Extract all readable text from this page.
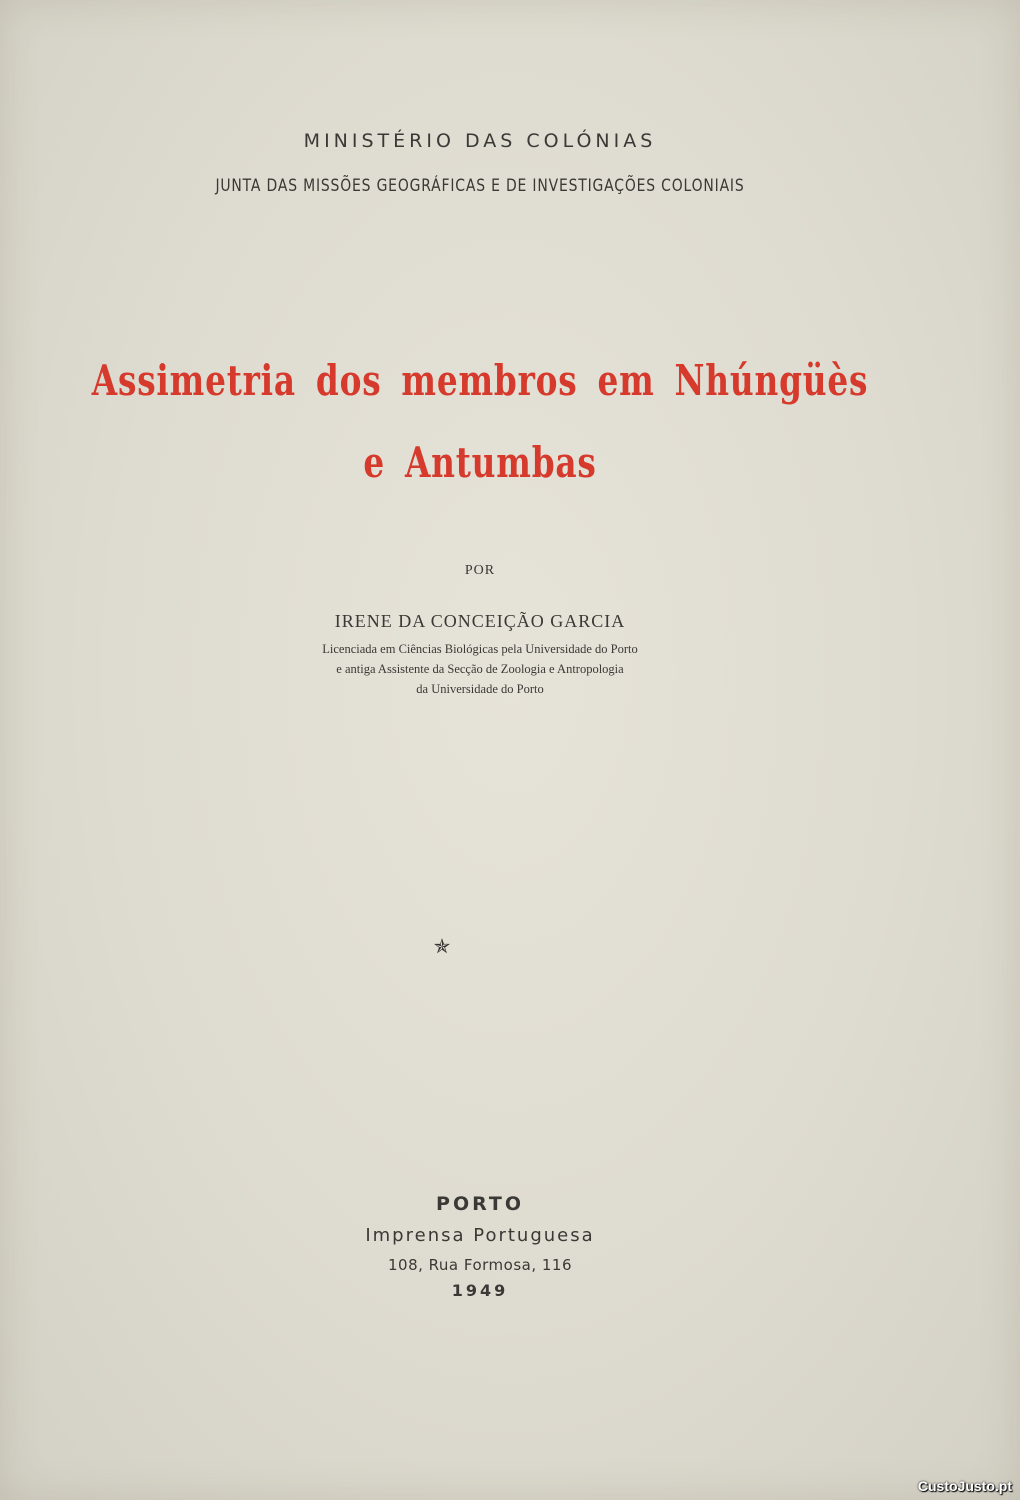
MINISTÉRIO DAS COLÓNIAS
JUNTA DAS MISSÕES GEOGRÁFICAS E DE INVESTIGAÇÕES COLONIAIS
Assimetria dos membros em Nhúngüès
e Antumbas
POR
IRENE DA CONCEIÇÃO GARCIA
Licenciada em Ciências Biológicas pela Universidade do Porto
e antiga Assistente da Secção de Zoologia e Antropologia
da Universidade do Porto
✯
PORTO
Imprensa Portuguesa
108, Rua Formosa, 116
1949
CustoJusto.pt
